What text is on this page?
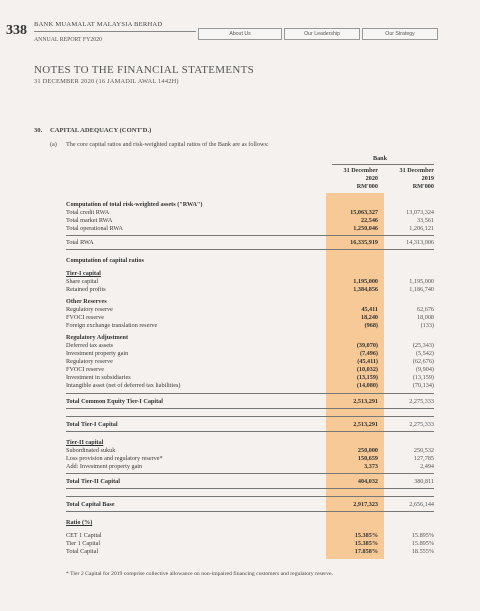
338 BANK MUAMALAT MALAYSIA BERHAD
ANNUAL REPORT FY2020
About Us	Our Leadership	Our Strategy
NOTES TO THE FINANCIAL STATEMENTS
31 DECEMBER 2020 (16 JAMADIL AWAL 1442H)
30. CAPITAL ADEQUACY (CONT'D.)
(a) The core capital ratios and risk-weighted capital ratios of the Bank are as follows:
Bank
31 December
2020
RM'000
31 December
2019
RM'000
Computation of total risk-weighted assets ("RWA")
Total credit RWA	15,063,327	13,073,324
Total market RWA	22,546	33,561
Total operational RWA	1,250,046	1,206,121
Total RWA	16,335,919	14,313,006
Computation of capital ratios
Tier-I capital
Share capital	1,195,000	1,195,000
Retained profits	1,384,856	1,186,740
Other Reserves
Regulatory reserve	45,411	62,676
FVOCI reserve	18,240	18,008
Foreign exchange translation reserve	(968)	(133)
Regulatory Adjustment
Deferred tax assets	(39,070)	(25,343)
Investment property gain	(7,496)	(5,542)
Regulatory reserve	(45,411)	(62,676)
FVOCI reserve	(10,032)	(9,904)
Investment in subsidiaries	(13,159)	(13,159)
Intangible asset (net of deferred tax liabilities)	(14,080)	(70,134)
Total Common Equity Tier-I Capital	2,513,291	2,275,333
Total Tier-I Capital	2,513,291	2,275,333
Tier-II capital
Subordinated sukuk	250,000	250,532
Loss provision and regulatory reserve*	150,659	127,785
Add: Investment property gain	3,373	2,494
Total Tier-II Capital	404,032	380,811
Total Capital Base	2,917,323	2,656,144
Ratio (%)
CET 1 Capital	15.385%	15.895%
Tier 1 Capital	15.385%	15.895%
Total Capital	17.858%	18.555%
* Tier 2 Capital for 2019 comprise collective allowance on non-impaired financing customers and regulatory reserve.
